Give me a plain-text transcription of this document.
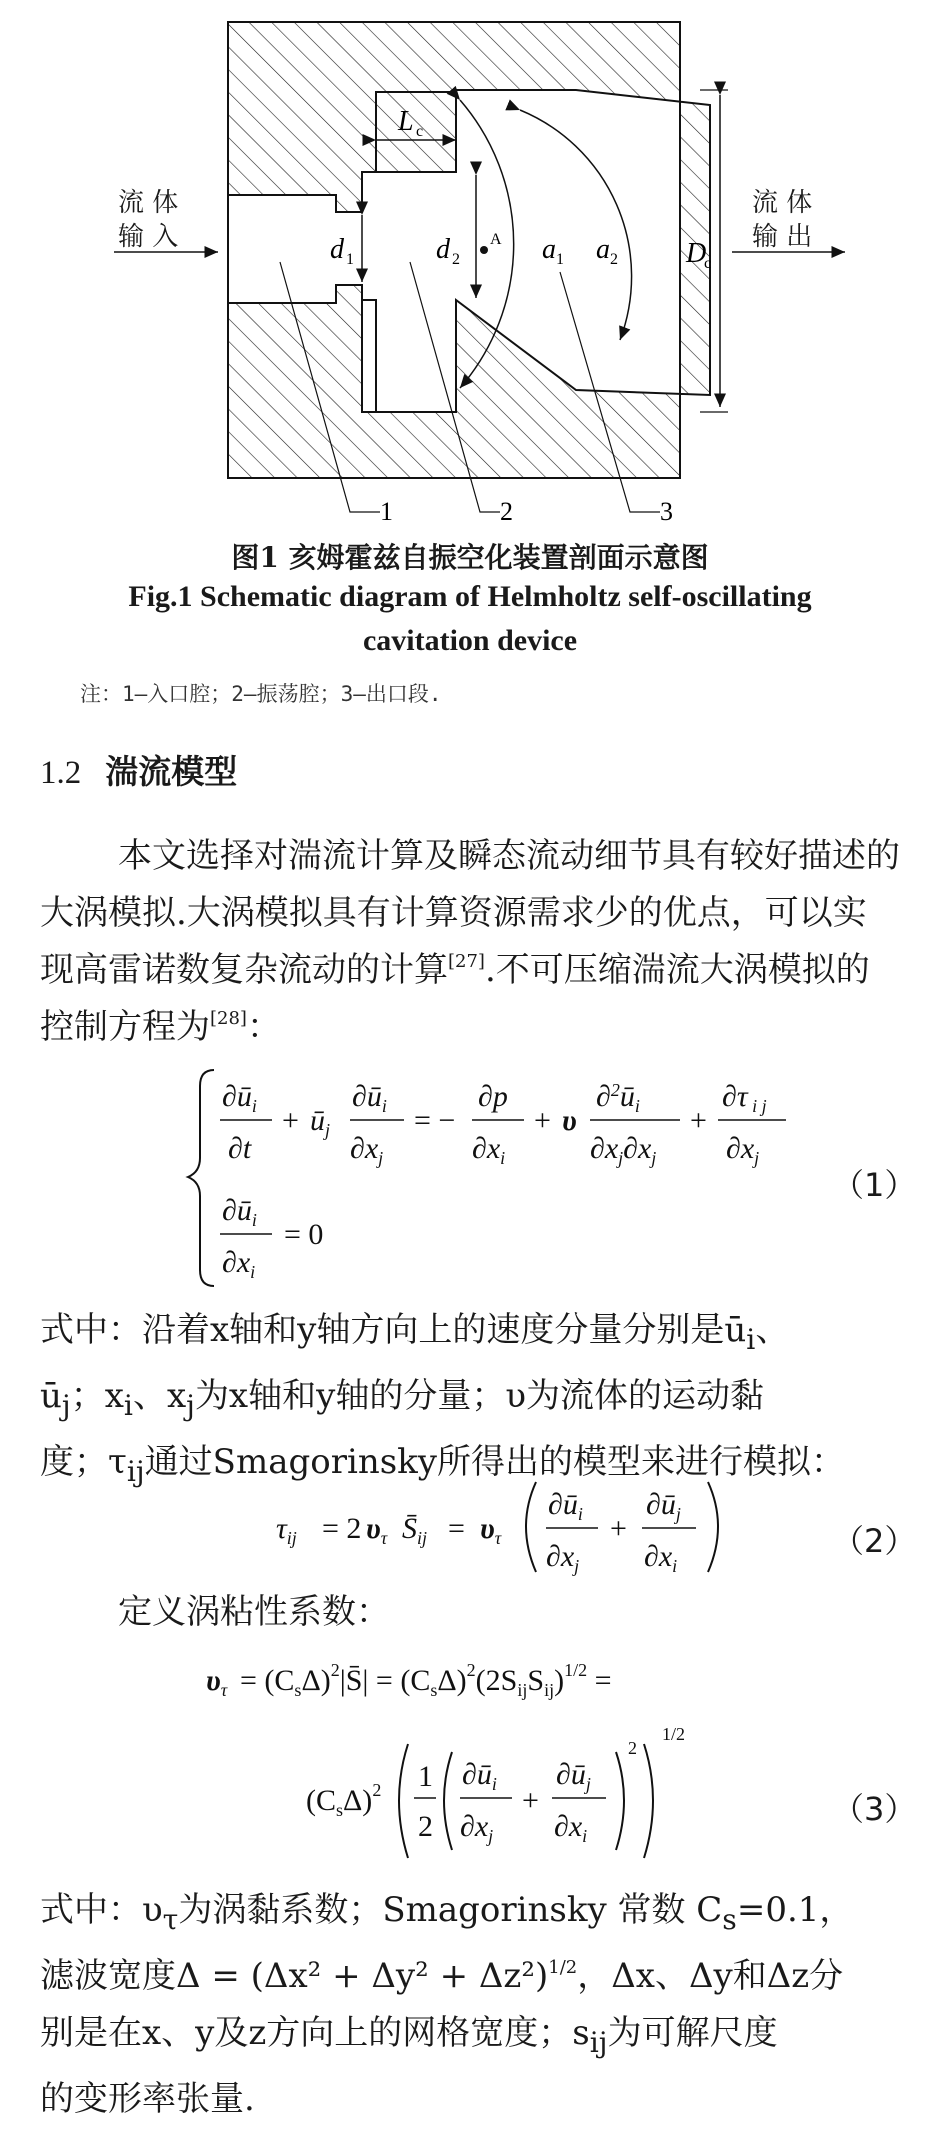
L c
d 1	d 2
A a 1 a 2 D
c
1	2	3
流 体
输 入
流 体
输 出
图1 亥姆霍兹自振空化装置剖面示意图
Fig.1 Schematic diagram of Helmholtz self-oscillating
cavitation device
注：1—入口腔；2—振荡腔；3—出口段.
1.2 湍流模型

本文选择对湍流计算及瞬态流动细节具有较好描述的大涡模拟.大涡模拟具有计算资源需求少的优点，可以实现高雷诺数复杂流动的计算[27].不可压缩湍流大涡模拟的控制方程为[28]：

$\partial ū_i$
∂t
+ $ū_j$
$\partial ū_i$
$\partial x_j$
= −
∂p
$\partial x_i$
+ υ
$\partial^2ū_i$
$\partial x_j\partial x_j$
+
∂τ $_{i j}$
$\partial x_j$
$\partial ū_i$
$\partial x_i$
= 0
（1）

式中：沿着x轴和y轴方向上的速度分量分别是$ū_i$、

$ū_j$；$x_i$、$x_j$为x轴和y轴的分量；υ为流体的运动黏

度；$\tau_{ij}$通过Smagorinsky所得出的模型来进行模拟：

$\tau_{ij} = 2$ $\upsilon_\tau$ $S̄_{ij} = \upsilon_\tau$
$\partial ū_i$
$\partial x_j$
+
$\partial ū_j$
$\partial x_i$
（2）
定义涡粘性系数：
$\upsilon_\tau$ = $(C_s\Delta)^2|S̄| = (C_s\Delta)^2(2S_{ij}S_{ij})^{1/2}$ =
$(C_s\Delta)^2$ 1
2
$\partial ū_i$
$\partial x_j$
+
$\partial ū_j$
$\partial x_i$
2
1/2
（3）

式中：$\upsilon_\tau$为涡黏系数；Smagorinsky 常数 $C_s=0.1$，

滤波宽度$\Delta = (\Delta x^2 + \Delta y^2 + \Delta z^2)^{1/2}$，Δx、Δy和Δz分

别是在x、y及z方向上的网格宽度；$s_{ij}$为可解尺度

的变形率张量.
